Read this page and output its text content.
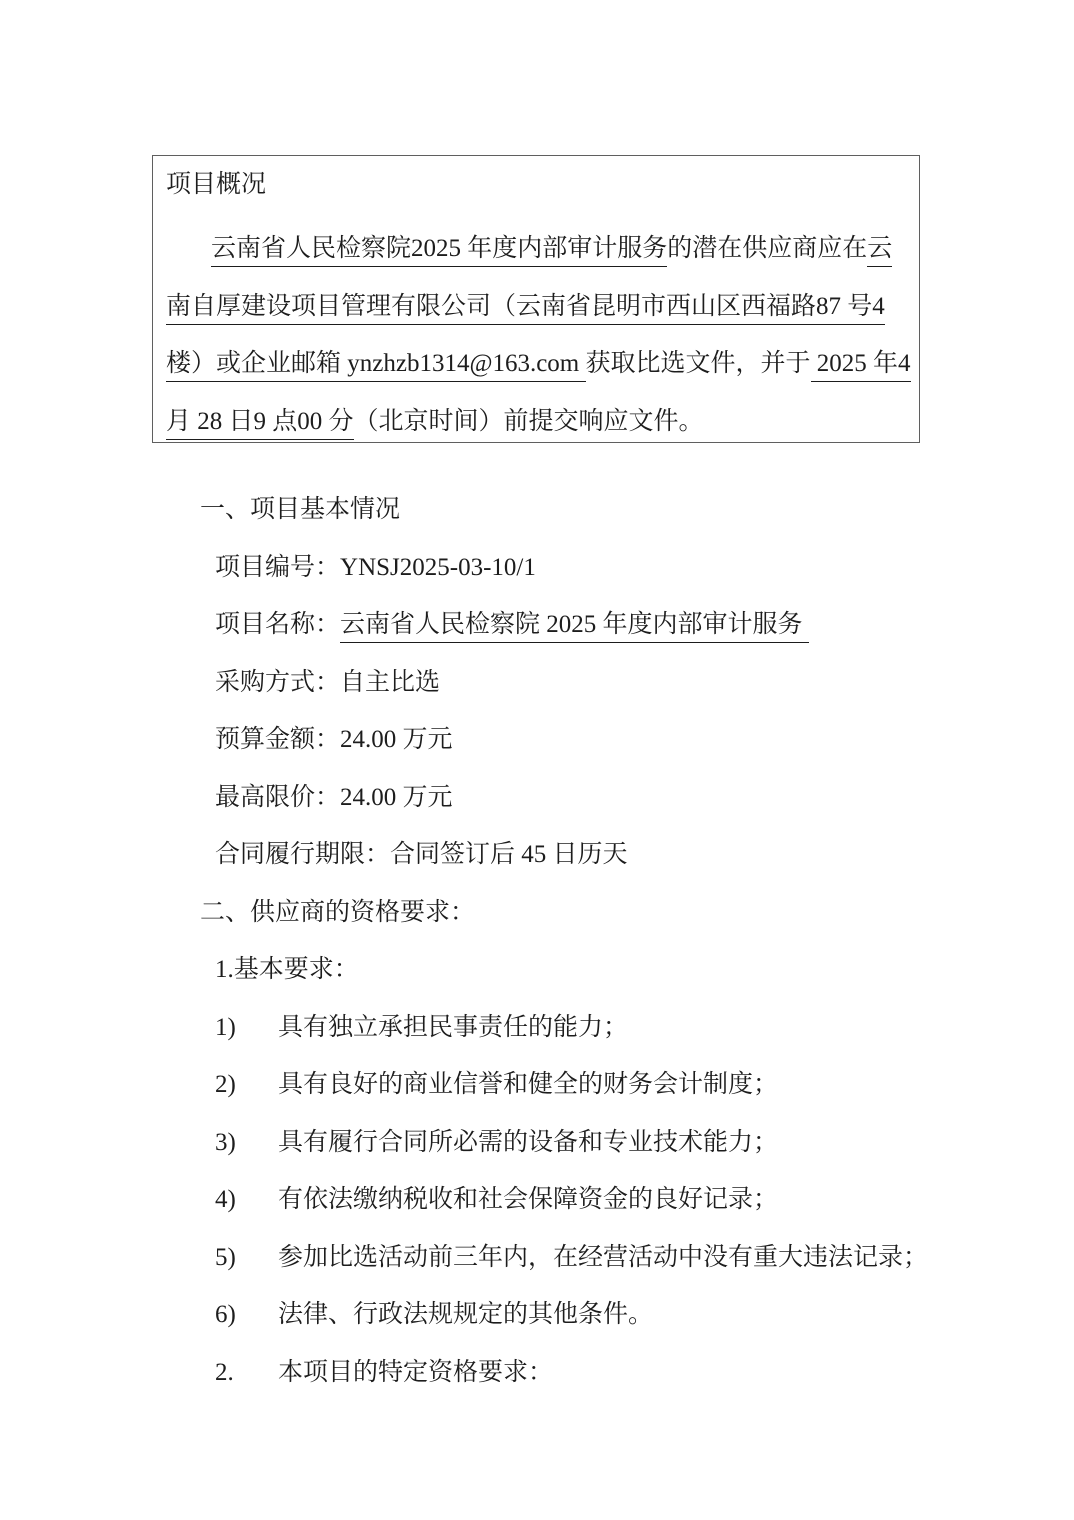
项目概况
云南省人民检察院2025 年度内部审计服务的潜在供应商应在云
南自厚建设项目管理有限公司（云南省昆明市西山区西福路87 号4
楼）或企业邮箱 ynzhzb1314@163.com 获取比选文件，并于 2025 年4
月 28 日9 点00 分（北京时间）前提交响应文件。
一、项目基本情况
项目编号：YNSJ2025-03-10/1
项目名称：云南省人民检察院 2025 年度内部审计服务
采购方式：自主比选
预算金额：24.00 万元
最高限价：24.00 万元
合同履行期限：合同签订后 45 日历天
二、供应商的资格要求：
1.基本要求：
1) 具有独立承担民事责任的能力；
2) 具有良好的商业信誉和健全的财务会计制度；
3) 具有履行合同所必需的设备和专业技术能力；
4) 有依法缴纳税收和社会保障资金的良好记录；
5) 参加比选活动前三年内，在经营活动中没有重大违法记录；
6) 法律、行政法规规定的其他条件。
2. 本项目的特定资格要求：
